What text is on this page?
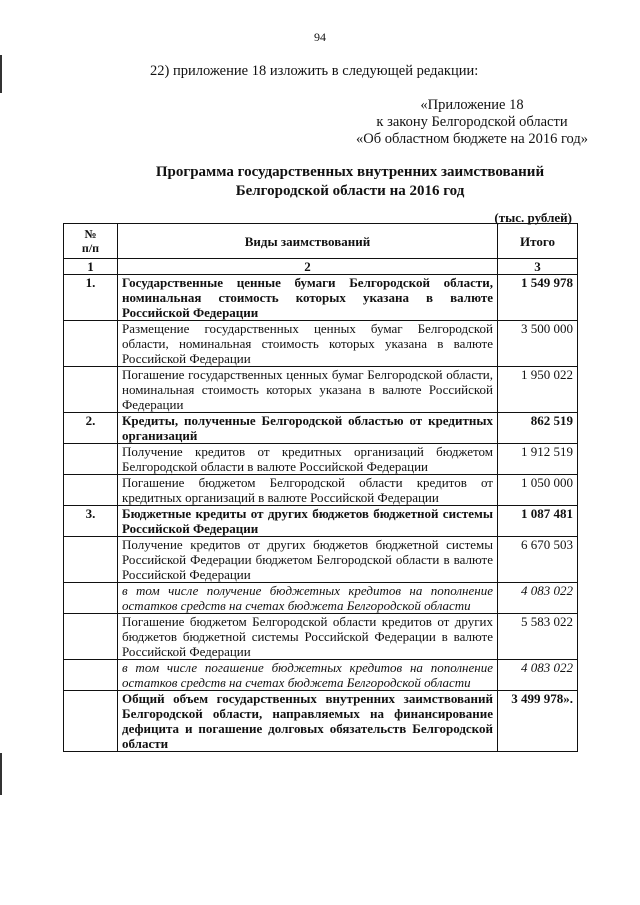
94
22) приложение 18 изложить в следующей редакции:
«Приложение 18
к закону Белгородской области
«Об областном бюджете на 2016 год»
Программа государственных внутренних заимствований
Белгородской области на 2016 год
(тыс. рублей)
№
п/п	Виды заимствований	Итого
1	2	3
1.	Государственные ценные бумаги Белгородской области, номинальная стоимость которых указана в валюте Российской Федерации	1 549 978
	Размещение государственных ценных бумаг Белгородской области, номинальная стоимость которых указана в валюте Российской Федерации	3 500 000
	Погашение государственных ценных бумаг Белгородской области, номинальная стоимость которых указана в валюте Российской Федерации	1 950 022
2.	Кредиты, полученные Белгородской областью от кредитных организаций	862 519
	Получение кредитов от кредитных организаций бюджетом Белгородской области в валюте Российской Федерации	1 912 519
	Погашение бюджетом Белгородской области кредитов от кредитных организаций в валюте Российской Федерации	1 050 000
3.	Бюджетные кредиты от других бюджетов бюджетной системы Российской Федерации	1 087 481
	Получение кредитов от других бюджетов бюджетной системы Российской Федерации бюджетом Белгородской области в валюте Российской Федерации	6 670 503
	в том числе получение бюджетных кредитов на пополнение остатков средств на счетах бюджета Белгородской области	4 083 022
	Погашение бюджетом Белгородской области кредитов от других бюджетов бюджетной системы Российской Федерации в валюте Российской Федерации	5 583 022
	в том числе погашение бюджетных кредитов на пополнение остатков средств на счетах бюджета Белгородской области	4 083 022
	Общий объем государственных внутренних заимствований Белгородской области, направляемых на финансирование дефицита и погашение долговых обязательств Белгородской области	3 499 978».
